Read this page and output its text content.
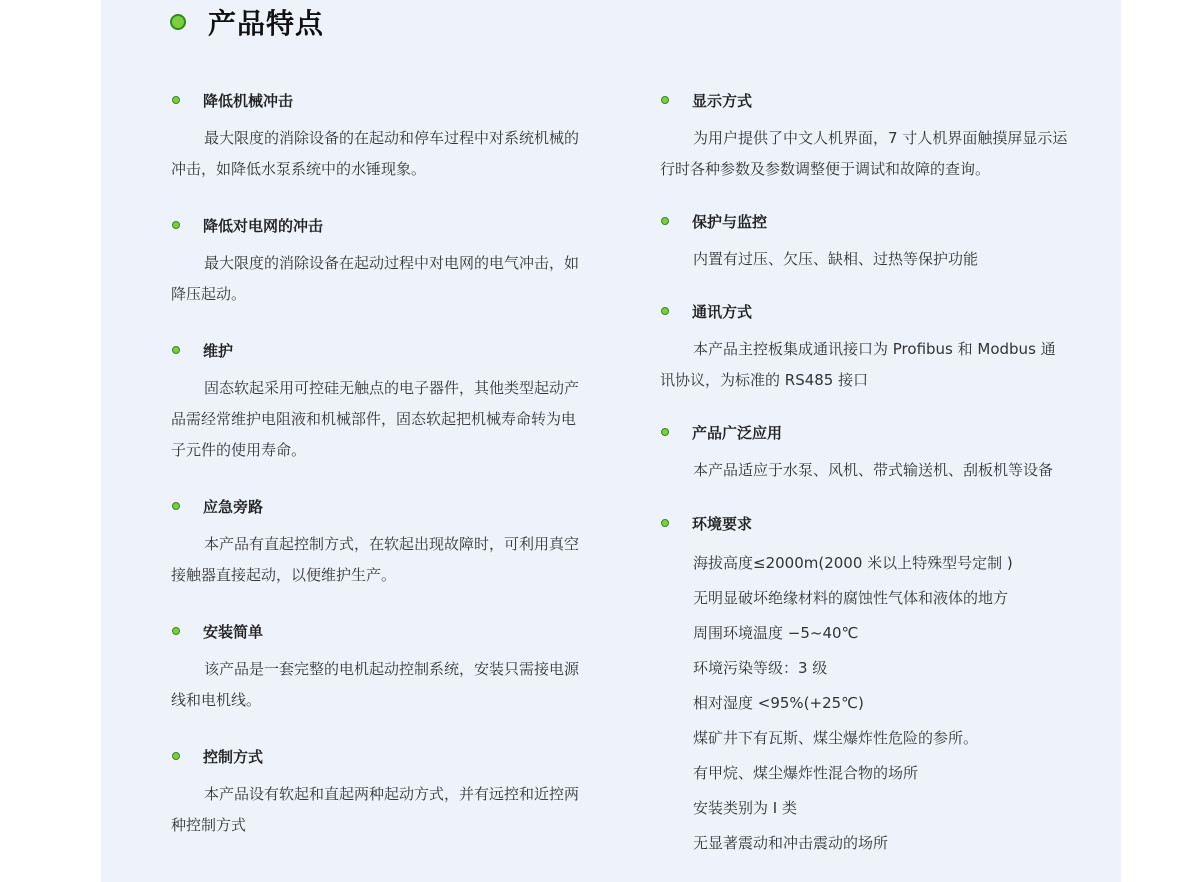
产品特点
降低机械冲击
最大限度的消除设备的在起动和停车过程中对系统机械的冲击，如降低水泵系统中的水锤现象。
降低对电网的冲击
最大限度的消除设备在起动过程中对电网的电气冲击，如降压起动。
维护
固态软起采用可控硅无触点的电子器件，其他类型起动产品需经常维护电阻液和机械部件，固态软起把机械寿命转为电子元件的使用寿命。
应急旁路
本产品有直起控制方式，在软起出现故障时，可利用真空接触器直接起动，以便维护生产。
安装简单
该产品是一套完整的电机起动控制系统，安装只需接电源线和电机线。
控制方式
本产品设有软起和直起两种起动方式，并有远控和近控两种控制方式
显示方式
为用户提供了中文人机界面，7 寸人机界面触摸屏显示运行时各种参数及参数调整便于调试和故障的查询。
保护与监控
内置有过压、欠压、缺相、过热等保护功能
通讯方式
本产品主控板集成通讯接口为 Profibus 和 Modbus 通讯协议，为标准的 RS485 接口
产品广泛应用
本产品适应于水泵、风机、带式输送机、刮板机等设备
环境要求
海拔高度≤2000m(2000 米以上特殊型号定制 )
无明显破坏绝缘材料的腐蚀性气体和液体的地方
周围环境温度 −5~40℃
环境污染等级：3 级
相对湿度 <95%(+25℃)
煤矿井下有瓦斯、煤尘爆炸性危险的参所。
有甲烷、煤尘爆炸性混合物的场所
安装类别为 I 类
无显著震动和冲击震动的场所
